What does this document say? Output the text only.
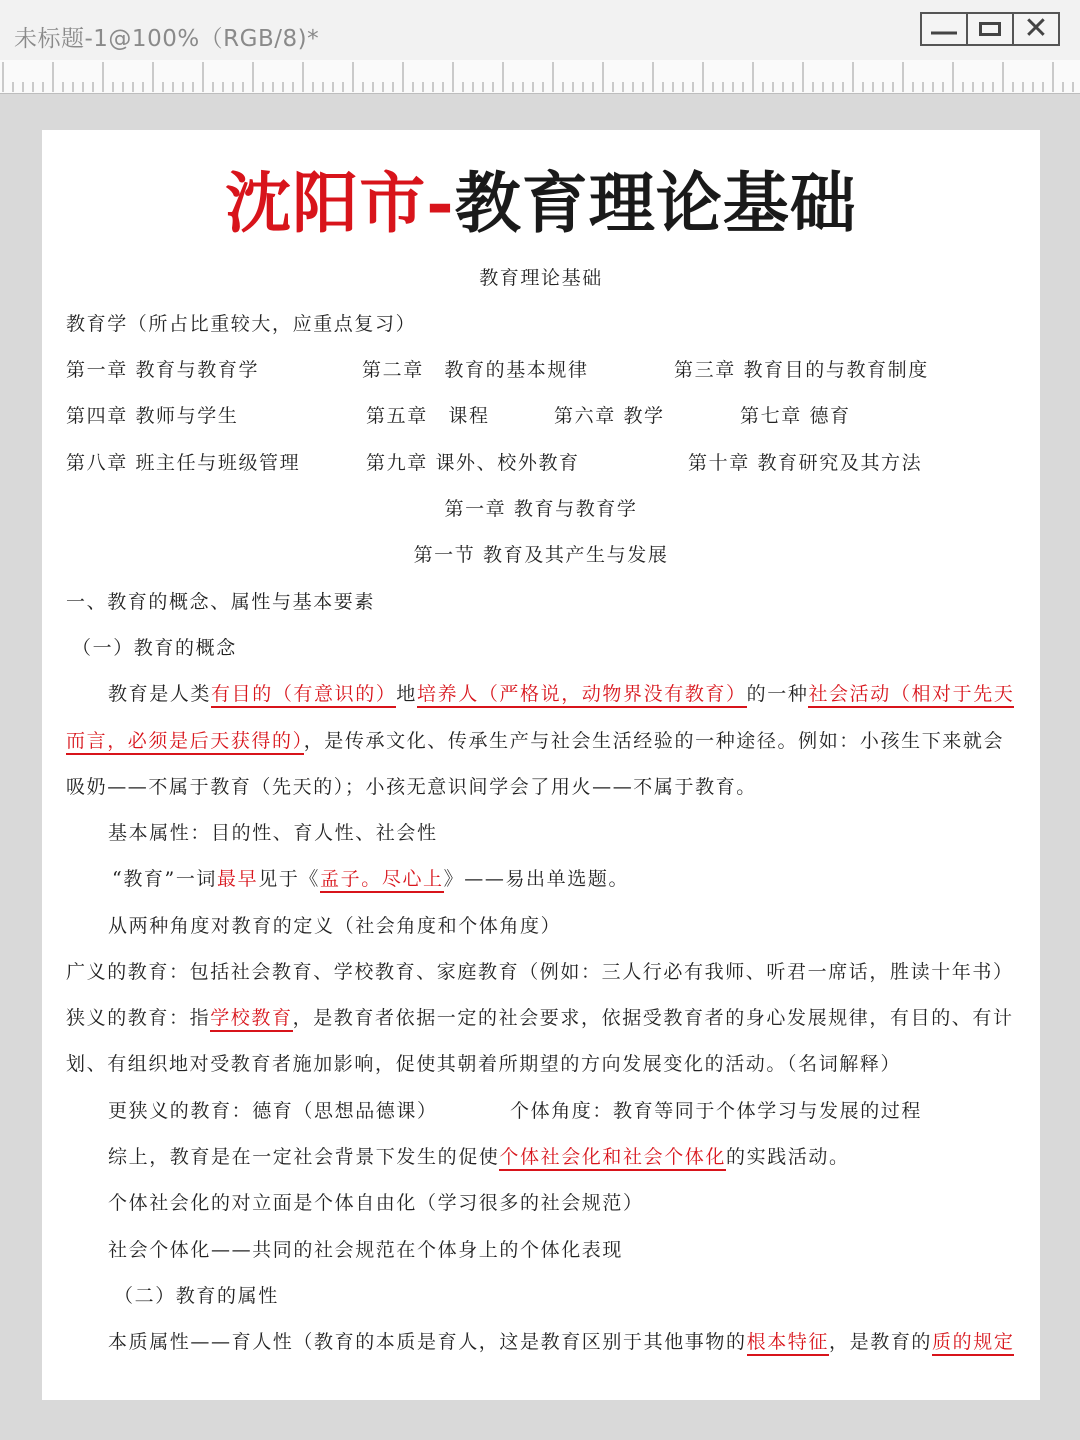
未标题-1@100%（RGB/8)*	✕
沈阳市-教育理论基础
教育理论基础
教育学（所占比重较大，应重点复习）
第一章 教育与教育学	第二章　教育的基本规律	第三章 教育目的与教育制度
第四章 教师与学生	第五章　课程	第六章 教学	第七章 德育
第八章 班主任与班级管理	第九章 课外、校外教育	第十章 教育研究及其方法
第一章 教育与教育学
第一节 教育及其产生与发展
一、教育的概念、属性与基本要素
（一）教育的概念
教育是人类有目的（有意识的）地培养人（严格说，动物界没有教育）的一种社会活动（相对于先天
而言，必须是后天获得的），是传承文化、传承生产与社会生活经验的一种途径。例如：小孩生下来就会
吸奶——不属于教育（先天的）；小孩无意识间学会了用火——不属于教育。
基本属性：目的性、育人性、社会性
“教育”一词最早见于《孟子。尽心上》——易出单选题。
从两种角度对教育的定义（社会角度和个体角度）
广义的教育：包括社会教育、学校教育、家庭教育（例如：三人行必有我师、听君一席话，胜读十年书）
狭义的教育：指学校教育，是教育者依据一定的社会要求，依据受教育者的身心发展规律，有目的、有计
划、有组织地对受教育者施加影响，促使其朝着所期望的方向发展变化的活动。（名词解释）
更狭义的教育：德育（思想品德课）	个体角度：教育等同于个体学习与发展的过程
综上，教育是在一定社会背景下发生的促使个体社会化和社会个体化的实践活动。
个体社会化的对立面是个体自由化（学习很多的社会规范）
社会个体化——共同的社会规范在个体身上的个体化表现
（二）教育的属性
本质属性——育人性（教育的本质是育人，这是教育区别于其他事物的根本特征，是教育的质的规定
